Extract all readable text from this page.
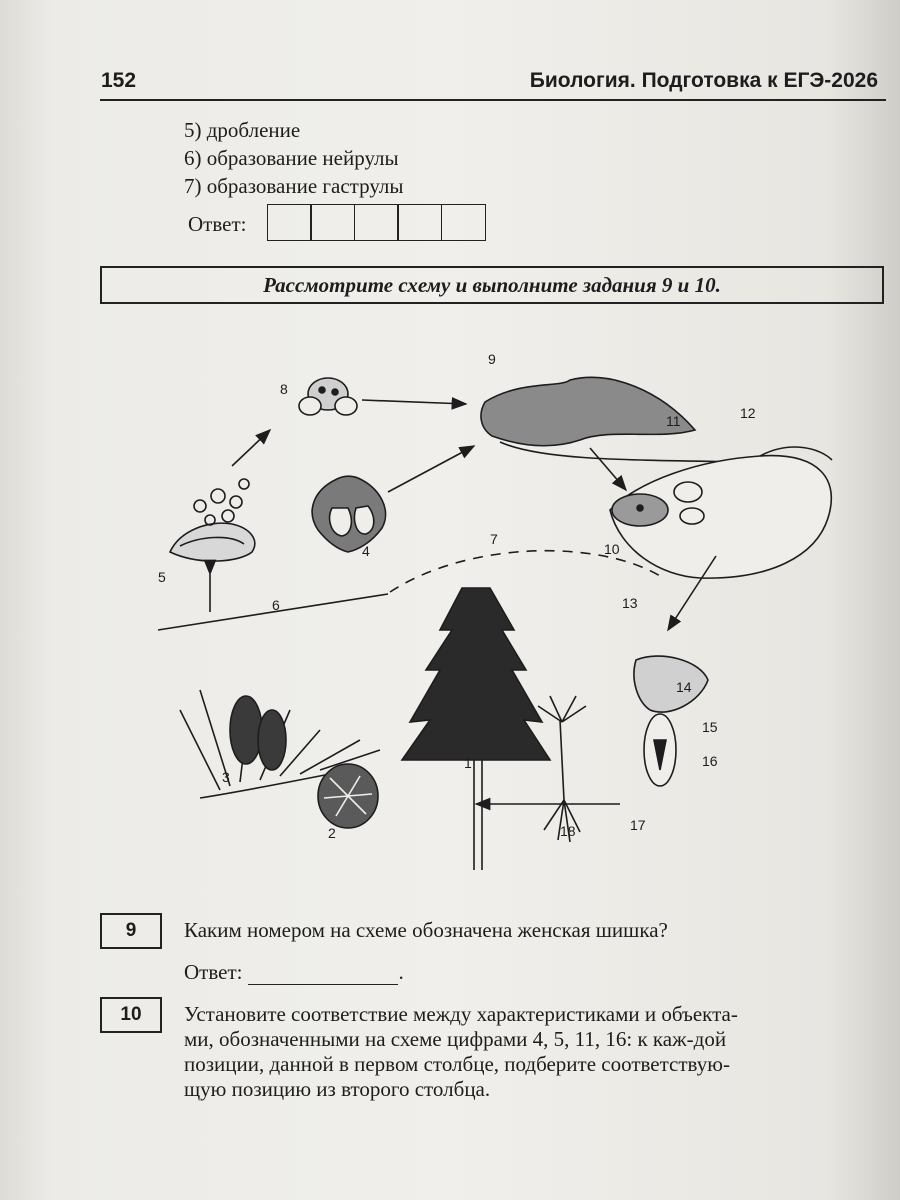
152	Биология. Подготовка к ЕГЭ-2026
5) дробление
6) образование нейрулы
7) образование гаструлы
Ответ:
Рассмотрите схему и выполните задания 9 и 10.
1
2
3
4
5
6
7
8
9
10
11	12
13
14
15
16
17
18
9	Каким номером на схеме обозначена женская шишка?
Ответ:	.
10	Установите соответствие между характеристиками и объекта-
ми, обозначенными на схеме цифрами 4, 5, 11, 16: к каж-дой
позиции, данной в первом столбце, подберите соответствую-
щую позицию из второго столбца.
